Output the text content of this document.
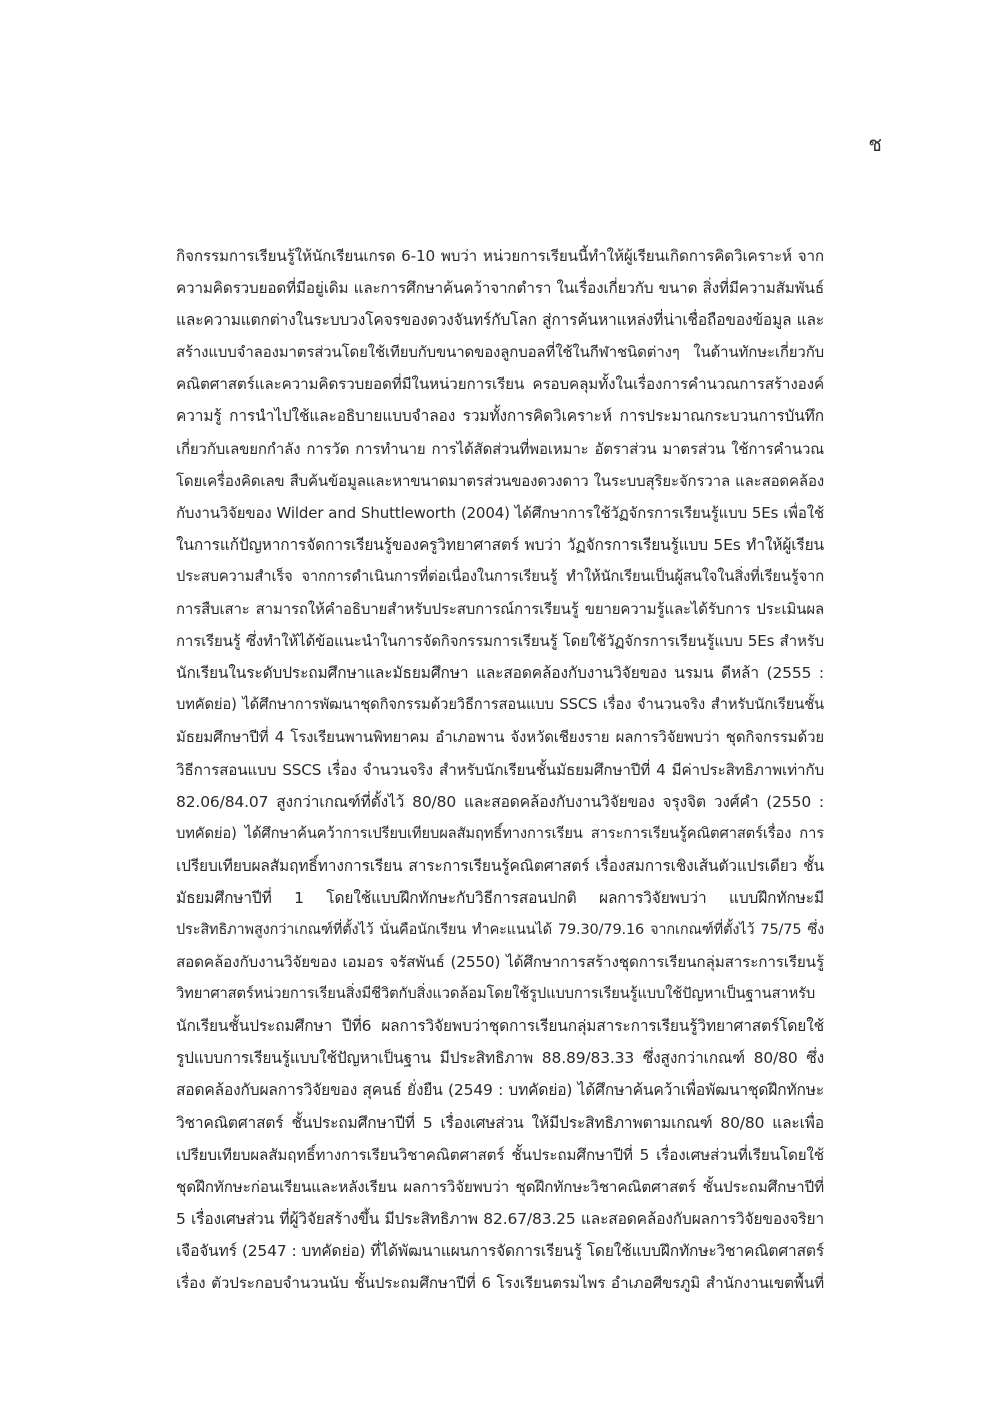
ช
กิจกรรมการเรียนรู้ให้นักเรียนเกรด 6-10 พบว่า หน่วยการเรียนนี้ทำให้ผู้เรียนเกิดการคิดวิเคราะห์ จาก
ความคิดรวบยอดที่มีอยู่เดิม และการศึกษาค้นคว้าจากตำรา ในเรื่องเกี่ยวกับ ขนาด สิ่งที่มีความสัมพันธ์
และความแตกต่างในระบบวงโคจรของดวงจันทร์กับโลก สู่การค้นหาแหล่งที่น่าเชื่อถือของข้อมูล และ
สร้างแบบจำลองมาตรส่วนโดยใช้เทียบกับขนาดของลูกบอลที่ใช้ในกีฬาชนิดต่างๆ ในด้านทักษะเกี่ยวกับ
คณิตศาสตร์และความคิดรวบยอดที่มีในหน่วยการเรียน ครอบคลุมทั้งในเรื่องการคำนวณการสร้างองค์
ความรู้ การนำไปใช้และอธิบายแบบจำลอง รวมทั้งการคิดวิเคราะห์ การประมาณกระบวนการบันทึก
เกี่ยวกับเลขยกกำลัง การวัด การทำนาย การได้สัดส่วนที่พอเหมาะ อัตราส่วน มาตรส่วน ใช้การคำนวณ
โดยเครื่องคิดเลข สืบค้นข้อมูลและหาขนาดมาตรส่วนของดวงดาว ในระบบสุริยะจักรวาล และสอดคล้อง
กับงานวิจัยของ Wilder and Shuttleworth (2004) ได้ศึกษาการใช้วัฏจักรการเรียนรู้แบบ 5Es เพื่อใช้
ในการแก้ปัญหาการจัดการเรียนรู้ของครูวิทยาศาสตร์ พบว่า วัฏจักรการเรียนรู้แบบ 5Es ทำให้ผู้เรียน
ประสบความสำเร็จ จากการดำเนินการที่ต่อเนื่องในการเรียนรู้ ทำให้นักเรียนเป็นผู้สนใจในสิ่งที่เรียนรู้จาก
การสืบเสาะ สามารถให้คำอธิบายสำหรับประสบการณ์การเรียนรู้ ขยายความรู้และได้รับการ ประเมินผล
การเรียนรู้ ซึ่งทำให้ได้ข้อแนะนำในการจัดกิจกรรมการเรียนรู้ โดยใช้วัฏจักรการเรียนรู้แบบ 5Es สำหรับ
นักเรียนในระดับประถมศึกษาและมัธยมศึกษา และสอดคล้องกับงานวิจัยของ นรมน ดีหล้า (2555 :
บทคัดย่อ) ได้ศึกษาการพัฒนาชุดกิจกรรมด้วยวิธีการสอนแบบ SSCS เรื่อง จำนวนจริง สำหรับนักเรียนชั้น
มัธยมศึกษาปีที่ 4 โรงเรียนพานพิทยาคม อำเภอพาน จังหวัดเชียงราย ผลการวิจัยพบว่า ชุดกิจกรรมด้วย
วิธีการสอนแบบ SSCS เรื่อง จำนวนจริง สำหรับนักเรียนชั้นมัธยมศึกษาปีที่ 4 มีค่าประสิทธิภาพเท่ากับ
82.06/84.07 สูงกว่าเกณฑ์ที่ตั้งไว้ 80/80 และสอดคล้องกับงานวิจัยของ จรุงจิต วงศ์คำ (2550 :
บทคัดย่อ) ได้ศึกษาค้นคว้าการเปรียบเทียบผลสัมฤทธิ์ทางการเรียน สาระการเรียนรู้คณิตศาสตร์เรื่อง การ
เปรียบเทียบผลสัมฤทธิ์ทางการเรียน สาระการเรียนรู้คณิตศาสตร์ เรื่องสมการเชิงเส้นตัวแปรเดียว ชั้น
มัธยมศึกษาปีที่ 1 โดยใช้แบบฝึกทักษะกับวิธีการสอนปกติ ผลการวิจัยพบว่า แบบฝึกทักษะมี
ประสิทธิภาพสูงกว่าเกณฑ์ที่ตั้งไว้ นั่นคือนักเรียน ทำคะแนนได้ 79.30/79.16 จากเกณฑ์ที่ตั้งไว้ 75/75 ซึ่ง
สอดคล้องกับงานวิจัยของ เอมอร จรัสพันธ์ (2550) ได้ศึกษาการสร้างชุดการเรียนกลุ่มสาระการเรียนรู้
วิทยาศาสตร์หน่วยการเรียนสิ่งมีชีวิตกับสิ่งแวดล้อมโดยใช้รูปแบบการเรียนรู้แบบใช้ปัญหาเป็นฐานสาหรับ
นักเรียนชั้นประถมศึกษา ปีที่6 ผลการวิจัยพบว่าชุดการเรียนกลุ่มสาระการเรียนรู้วิทยาศาสตร์โดยใช้
รูปแบบการเรียนรู้แบบใช้ปัญหาเป็นฐาน มีประสิทธิภาพ 88.89/83.33 ซึ่งสูงกว่าเกณฑ์ 80/80 ซึ่ง
สอดคล้องกับผลการวิจัยของ สุคนธ์ ยั่งยืน (2549 : บทคัดย่อ) ได้ศึกษาค้นคว้าเพื่อพัฒนาชุดฝึกทักษะ
วิชาคณิตศาสตร์ ชั้นประถมศึกษาปีที่ 5 เรื่องเศษส่วน ให้มีประสิทธิภาพตามเกณฑ์ 80/80 และเพื่อ
เปรียบเทียบผลสัมฤทธิ์ทางการเรียนวิชาคณิตศาสตร์ ชั้นประถมศึกษาปีที่ 5 เรื่องเศษส่วนที่เรียนโดยใช้
ชุดฝึกทักษะก่อนเรียนและหลังเรียน ผลการวิจัยพบว่า ชุดฝึกทักษะวิชาคณิตศาสตร์ ชั้นประถมศึกษาปีที่
5 เรื่องเศษส่วน ที่ผู้วิจัยสร้างขึ้น มีประสิทธิภาพ 82.67/83.25 และสอดคล้องกับผลการวิจัยของจริยา
เจือจันทร์ (2547 : บทคัดย่อ) ที่ได้พัฒนาแผนการจัดการเรียนรู้ โดยใช้แบบฝึกทักษะวิชาคณิตศาสตร์
เรื่อง ตัวประกอบจำนวนนับ ชั้นประถมศึกษาปีที่ 6 โรงเรียนตรมไพร อำเภอศีขรภูมิ สำนักงานเขตพื้นที่
